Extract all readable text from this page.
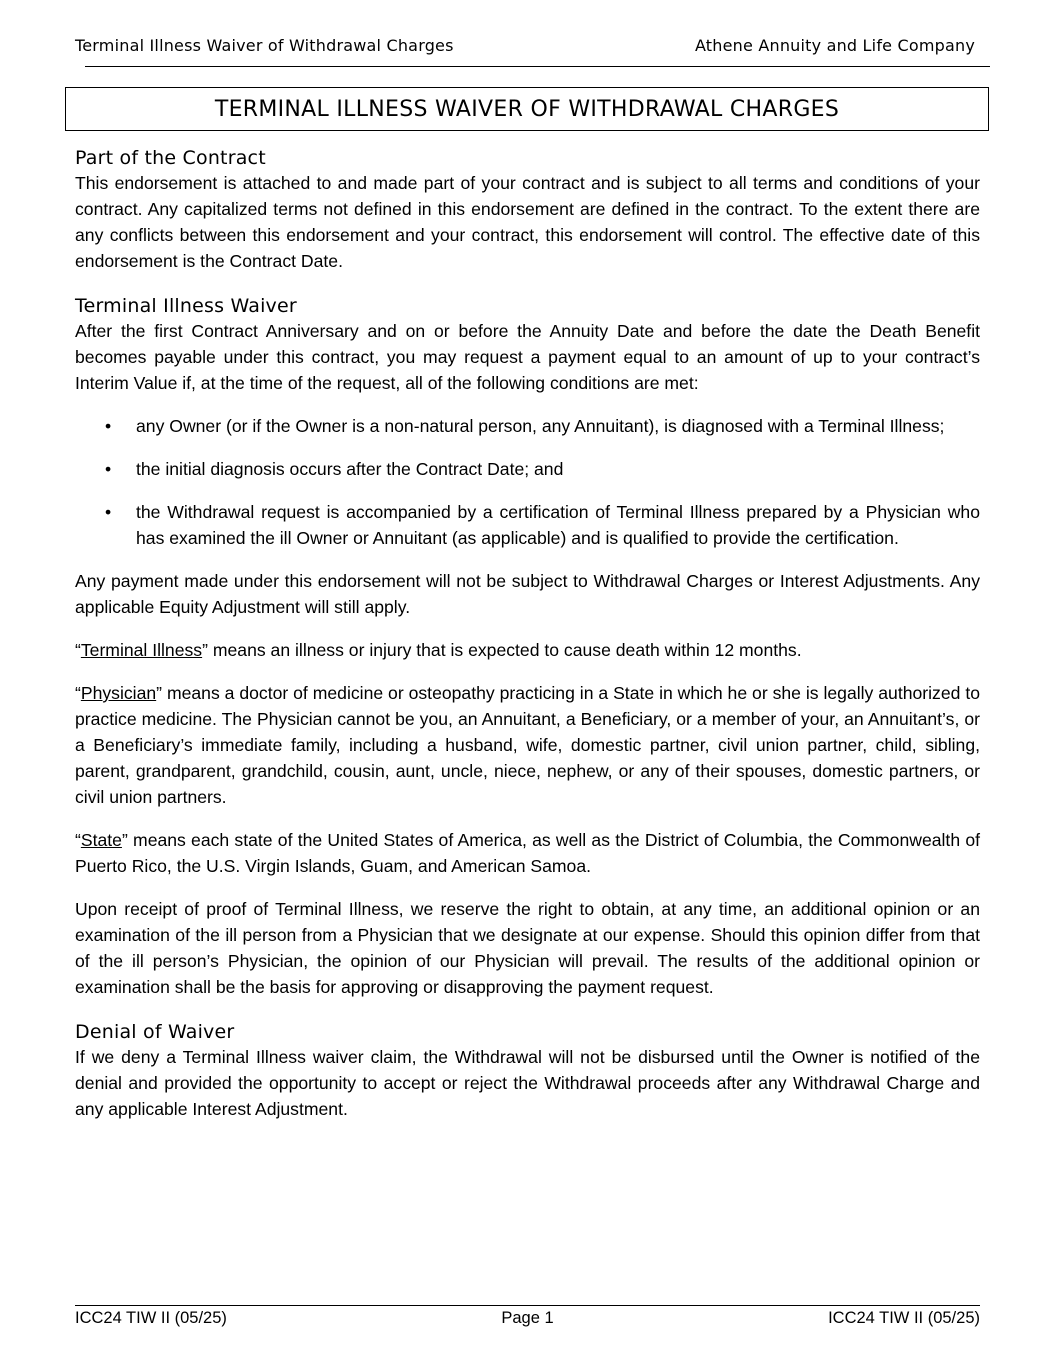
Terminal Illness Waiver of Withdrawal Charges	Athene Annuity and Life Company
TERMINAL ILLNESS WAIVER OF WITHDRAWAL CHARGES
Part of the Contract

This endorsement is attached to and made part of your contract and is subject to all terms and conditions of your contract. Any capitalized terms not defined in this endorsement are defined in the contract. To the extent there are any conflicts between this endorsement and your contract, this endorsement will control. The effective date of this endorsement is the Contract Date.

Terminal Illness Waiver

After the first Contract Anniversary and on or before the Annuity Date and before the date the Death Benefit becomes payable under this contract, you may request a payment equal to an amount of up to your contract’s Interim Value if, at the time of the request, all of the following conditions are met:

• any Owner (or if the Owner is a non-natural person, any Annuitant), is diagnosed with a Terminal Illness;
• the initial diagnosis occurs after the Contract Date; and
• the Withdrawal request is accompanied by a certification of Terminal Illness prepared by a Physician who has examined the ill Owner or Annuitant (as applicable) and is qualified to provide the certification.

Any payment made under this endorsement will not be subject to Withdrawal Charges or Interest Adjustments. Any applicable Equity Adjustment will still apply.

“Terminal Illness” means an illness or injury that is expected to cause death within 12 months.

“Physician” means a doctor of medicine or osteopathy practicing in a State in which he or she is legally authorized to practice medicine. The Physician cannot be you, an Annuitant, a Beneficiary, or a member of your, an Annuitant’s, or a Beneficiary’s immediate family, including a husband, wife, domestic partner, civil union partner, child, sibling, parent, grandparent, grandchild, cousin, aunt, uncle, niece, nephew, or any of their spouses, domestic partners, or civil union partners.

“State” means each state of the United States of America, as well as the District of Columbia, the Commonwealth of Puerto Rico, the U.S. Virgin Islands, Guam, and American Samoa.

Upon receipt of proof of Terminal Illness, we reserve the right to obtain, at any time, an additional opinion or an examination of the ill person from a Physician that we designate at our expense. Should this opinion differ from that of the ill person’s Physician, the opinion of our Physician will prevail. The results of the additional opinion or examination shall be the basis for approving or disapproving the payment request.

Denial of Waiver

If we deny a Terminal Illness waiver claim, the Withdrawal will not be disbursed until the Owner is notified of the denial and provided the opportunity to accept or reject the Withdrawal proceeds after any Withdrawal Charge and any applicable Interest Adjustment.

ICC24 TIW II (05/25)	Page 1	ICC24 TIW II (05/25)
